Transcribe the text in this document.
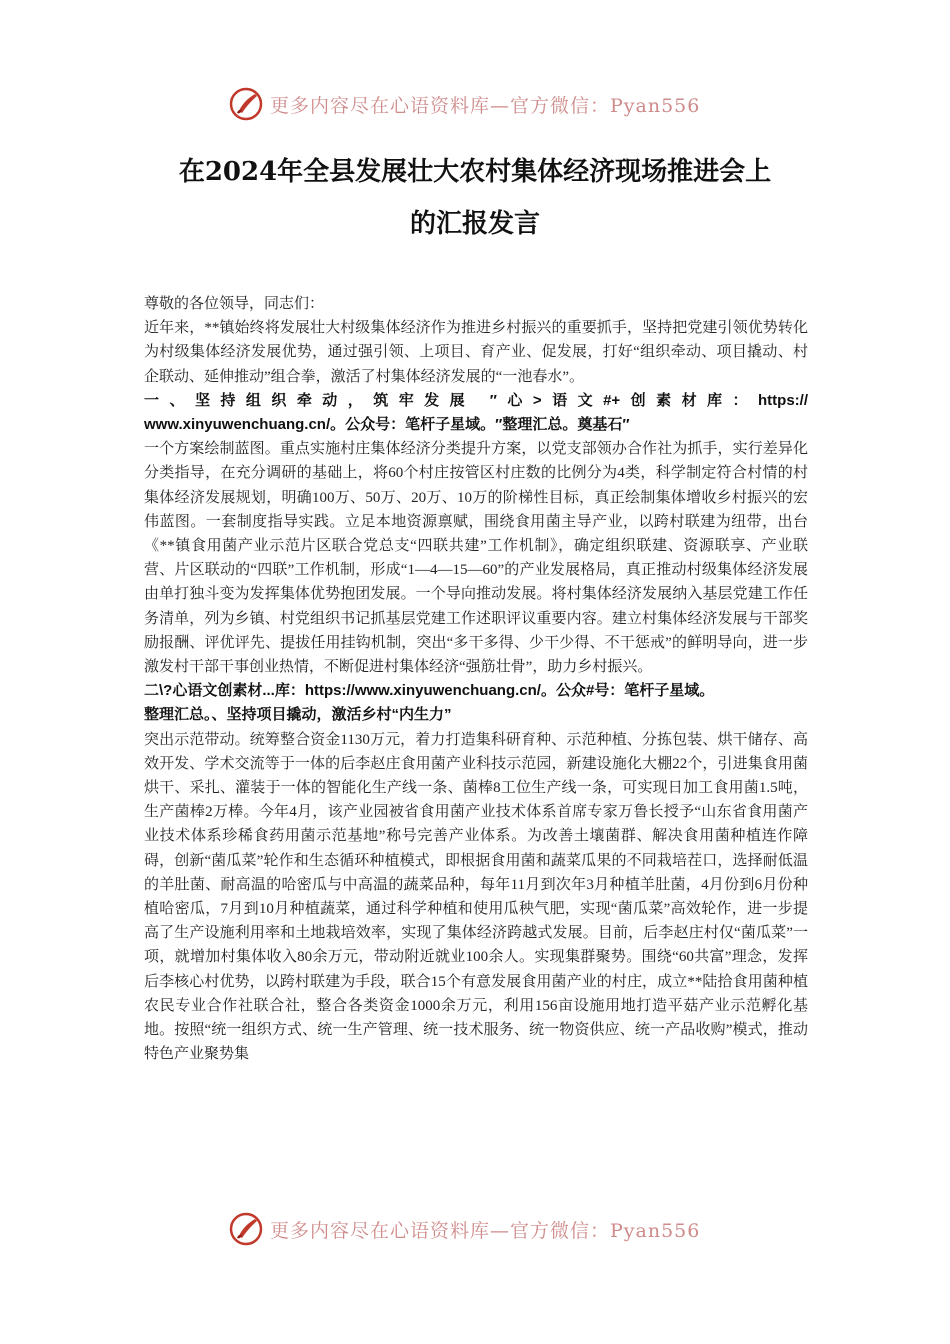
更多内容尽在心语资料库—官方微信：Pyan556
在2024年全县发展壮大农村集体经济现场推进会上
的汇报发言

尊敬的各位领导，同志们：

近年来，**镇始终将发展壮大村级集体经济作为推进乡村振兴的重要抓手，坚持把党建引领优势转化为村级集体经济发展优势，通过强引领、上项目、育产业、促发展，打好“组织牵动、项目撬动、村企联动、延伸推动”组合拳，激活了村集体经济发展的“一池春水”。

一、坚持组织牵动，筑牢发展 ″心>语文#+创素材库：https://

www.xinyuwenchuang.cn/。公众号：笔杆子星域。″整理汇总。奠基石″

一个方案绘制蓝图。重点实施村庄集体经济分类提升方案，以党支部领办合作社为抓手，实行差异化分类指导，在充分调研的基础上，将60个村庄按管区村庄数的比例分为4类，科学制定符合村情的村集体经济发展规划，明确100万、50万、20万、10万的阶梯性目标，真正绘制集体增收乡村振兴的宏伟蓝图。一套制度指导实践。立足本地资源禀赋，围绕食用菌主导产业，以跨村联建为纽带，出台《**镇食用菌产业示范片区联合党总支“四联共建”工作机制》，确定组织联建、资源联享、产业联营、片区联动的“四联”工作机制，形成“1—4—15—60”的产业发展格局，真正推动村级集体经济发展由单打独斗变为发挥集体优势抱团发展。一个导向推动发展。将村集体经济发展纳入基层党建工作任务清单，列为乡镇、村党组织书记抓基层党建工作述职评议重要内容。建立村集体经济发展与干部奖励报酬、评优评先、提拔任用挂钩机制，突出“多干多得、少干少得、不干惩戒”的鲜明导向，进一步激发村干部干事创业热情，不断促进村集体经济“强筋壮骨”，助力乡村振兴。

二\?心语文创素材...库：https://www.xinyuwenchuang.cn/。公众#号：笔杆子星域。

整理汇总。、坚持项目撬动，激活乡村“内生力”

突出示范带动。统筹整合资金1130万元，着力打造集科研育种、示范种植、分拣包装、烘干储存、高效开发、学术交流等于一体的后李赵庄食用菌产业科技示范园，新建设施化大棚22个，引进集食用菌烘干、采扎、灌装于一体的智能化生产线一条、菌棒8工位生产线一条，可实现日加工食用菌1.5吨，生产菌棒2万棒。今年4月，该产业园被省食用菌产业技术体系首席专家万鲁长授予“山东省食用菌产业技术体系珍稀食药用菌示范基地”称号完善产业体系。为改善土壤菌群、解决食用菌种植连作障碍，创新“菌瓜菜”轮作和生态循环种植模式，即根据食用菌和蔬菜瓜果的不同栽培茬口，选择耐低温的羊肚菌、耐高温的哈密瓜与中高温的蔬菜品种，每年11月到次年3月种植羊肚菌，4月份到6月份种植哈密瓜，7月到10月种植蔬菜，通过科学种植和使用瓜秧气肥，实现“菌瓜菜”高效轮作，进一步提高了生产设施利用率和土地栽培效率，实现了集体经济跨越式发展。目前，后李赵庄村仅“菌瓜菜”一项，就增加村集体收入80余万元，带动附近就业100余人。实现集群聚势。围绕“60共富”理念，发挥后李核心村优势，以跨村联建为手段，联合15个有意发展食用菌产业的村庄，成立**陆拾食用菌种植农民专业合作社联合社，整合各类资金1000余万元，利用156亩设施用地打造平菇产业示范孵化基地。按照“统一组织方式、统一生产管理、统一技术服务、统一物资供应、统一产品收购”模式，推动特色产业聚势集

更多内容尽在心语资料库—官方微信：Pyan556
